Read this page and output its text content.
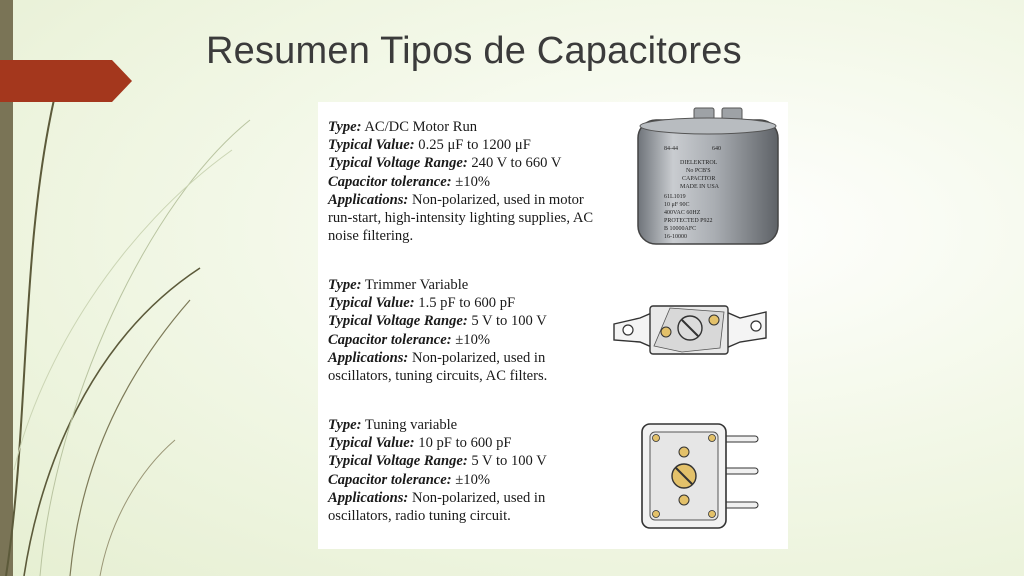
Resumen Tipos de Capacitores

Type: AC/DC Motor Run

Typical Value: 0.25 μF to 1200 μF

Typical Voltage Range: 240 V to 660 V

Capacitor tolerance: ±10%

Applications: Non-polarized, used in motor run-start, high-intensity lighting supplies, AC noise filtering.

84-44	640
DIELEKTROL
No PCB'S
CAPACITOR
MADE IN USA
61L1019
10 μF 90C
400VAC 60HZ
PROTECTED P922
B 10000AFC
16-10000

Type: Trimmer Variable

Typical Value: 1.5 pF to 600 pF

Typical Voltage Range: 5 V to 100 V

Capacitor tolerance: ±10%

Applications: Non-polarized, used in oscillators, tuning circuits, AC filters.

Type: Tuning variable

Typical Value: 10 pF to 600 pF

Typical Voltage Range: 5 V to 100 V

Capacitor tolerance: ±10%

Applications: Non-polarized, used in oscillators, radio tuning circuit.
